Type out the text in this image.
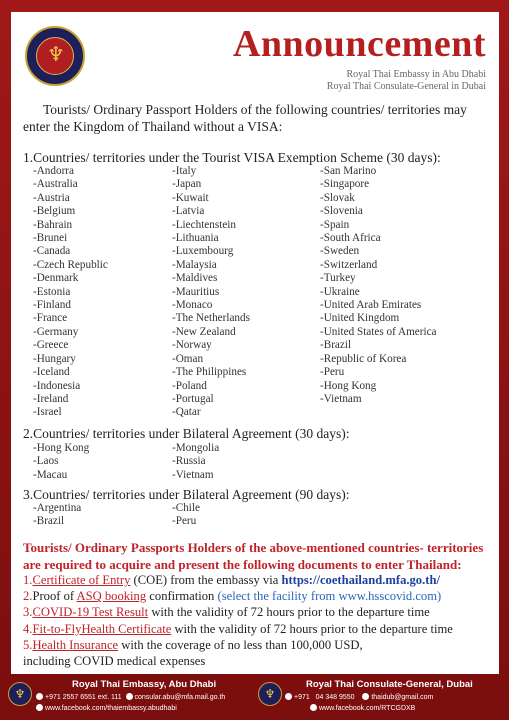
♆	Announcement
Royal Thai Embassy in Abu Dhabi
Royal Thai Consulate-General in Dubai
Tourists/ Ordinary Passport Holders of the following countries/ territories may enter the Kingdom of Thailand without a VISA:
1.Countries/ territories under the Tourist VISA Exemption Scheme (30 days):
-Andorra
-Australia
-Austria
-Belgium
-Bahrain
-Brunei
-Canada
-Czech Republic
-Denmark
-Estonia
-Finland
-France
-Germany
-Greece
-Hungary
-Iceland
-Indonesia
-Ireland
-Israel
-Italy
-Japan
-Kuwait
-Latvia
-Liechtenstein
-Lithuania
-Luxembourg
-Malaysia
-Maldives
-Mauritius
-Monaco
-The Netherlands
-New Zealand
-Norway
-Oman
-The Philippines
-Poland
-Portugal
-Qatar
-San Marino
-Singapore
-Slovak
-Slovenia
-Spain
-South Africa
-Sweden
-Switzerland
-Turkey
-Ukraine
-United Arab Emirates
-United Kingdom
-United States of America
-Brazil
-Republic of Korea
-Peru
-Hong Kong
-Vietnam
2.Countries/ territories under Bilateral Agreement (30 days):
-Hong Kong
-Laos
-Macau
-Mongolia
-Russia
-Vietnam
3.Countries/ territories under Bilateral Agreement (90 days):
-Argentina
-Brazil
-Chile
-Peru
Tourists/ Ordinary Passports Holders of the above-mentioned countries- territories are required to acquire and present the following documents to enter Thailand:
1.Certificate of Entry (COE) from the embassy via https://coethailand.mfa.go.th/
2.Proof of ASQ booking confirmation (select the facility from www.hsscovid.com)
3.COVID-19 Test Result with the validity of 72 hours prior to the departure time
4.Fit-to-FlyHealth Certificate with the validity of 72 hours prior to the departure time
5.Health Insurance with the coverage of no less than 100,000 USD,
including COVID medical expenses
♆
Royal Thai Embassy, Abu Dhabi
+971 2557 6551 ext. 111 consular.abu@mfa.mail.go.th
www.facebook.com/thaiembassy.abudhabi
♆
Royal Thai Consulate-General, Dubai
+971 04 348 9550 thaidub@gmail.com
www.facebook.com/RTCGDXB
